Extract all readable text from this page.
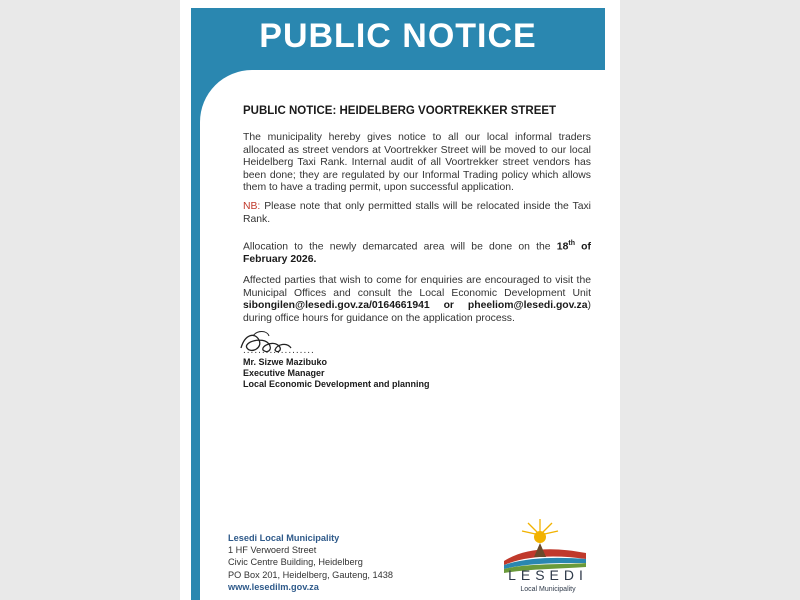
PUBLIC NOTICE
PUBLIC NOTICE: HEIDELBERG VOORTREKKER STREET
The municipality hereby gives notice to all our local informal traders allocated as street vendors at Voortrekker Street will be moved to our local Heidelberg Taxi Rank. Internal audit of all Voortrekker street vendors has been done; they are regulated by our Informal Trading policy which allows them to have a trading permit, upon successful application.
NB: Please note that only permitted stalls will be relocated inside the Taxi Rank.
Allocation to the newly demarcated area will be done on the 18th of February 2026.
Affected parties that wish to come for enquiries are encouraged to visit the Municipal Offices and consult the Local Economic Development Unit sibongilen@lesedi.gov.za/0164661941 or pheeliom@lesedi.gov.za) during office hours for guidance on the application process.
...................
Mr. Sizwe Mazibuko
Executive Manager
Local Economic Development and planning
Lesedi Local Municipality
1 HF Verwoerd Street
Civic Centre Building, Heidelberg
PO Box 201, Heidelberg, Gauteng, 1438
www.lesedilm.gov.za
LESEDI
Local Municipality
